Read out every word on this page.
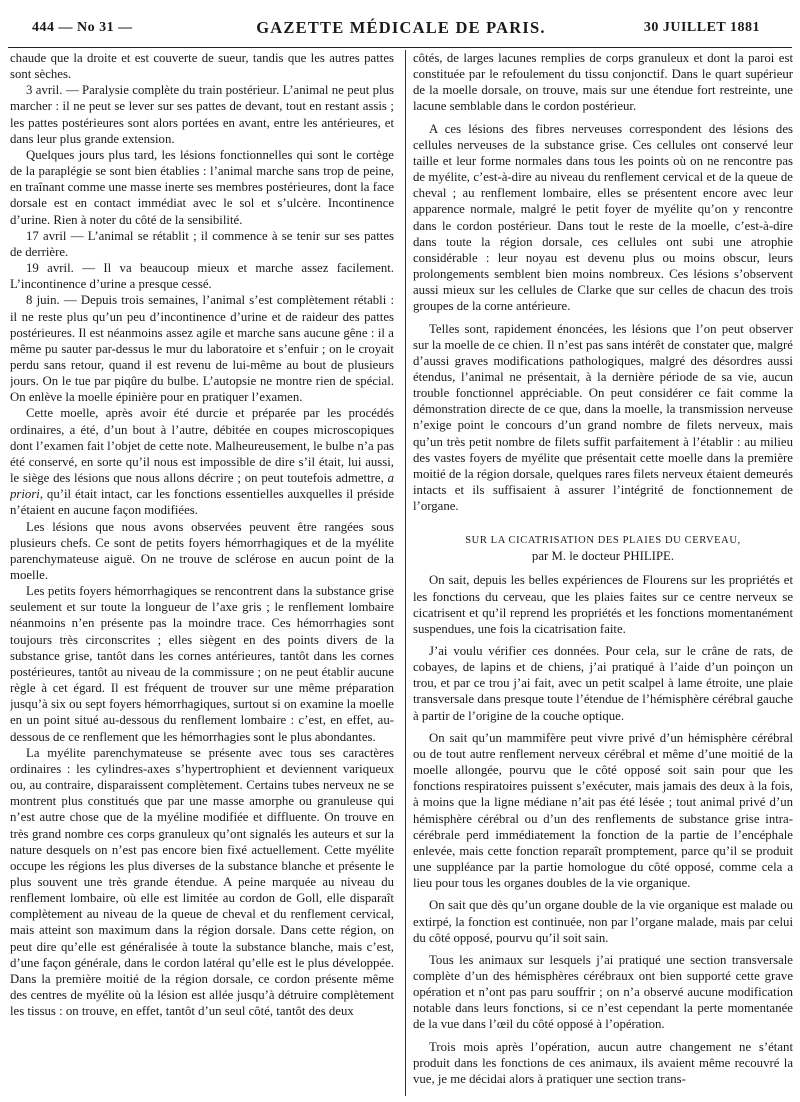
444 — No 31 —	GAZETTE MÉDICALE DE PARIS.	30 JUILLET 1881

chaude que la droite et est couverte de sueur, tandis que les autres pattes sont sèches.

3 avril. — Paralysie complète du train postérieur. L’animal ne peut plus marcher : il ne peut se lever sur ses pattes de devant, tout en restant assis ; les pattes postérieures sont alors portées en avant, entre les antérieures, et dans leur plus grande extension.

Quelques jours plus tard, les lésions fonctionnelles qui sont le cortège de la paraplégie se sont bien établies : l’animal marche sans trop de peine, en traînant comme une masse inerte ses membres postérieures, dont la face dorsale est en contact immédiat avec le sol et s’ulcère. Incontinence d’urine. Rien à noter du côté de la sensibilité.

17 avril — L’animal se rétablit ; il commence à se tenir sur ses pattes de derrière.

19 avril. — Il va beaucoup mieux et marche assez facilement. L’incontinence d’urine a presque cessé.

8 juin. — Depuis trois semaines, l’animal s’est complètement rétabli : il ne reste plus qu’un peu d’incontinence d’urine et de raideur des pattes postérieures. Il est néanmoins assez agile et marche sans aucune gêne : il a même pu sauter par-dessus le mur du laboratoire et s’enfuir ; on le croyait perdu sans retour, quand il est revenu de lui-même au bout de plusieurs jours. On le tue par piqûre du bulbe. L’autopsie ne montre rien de spécial. On enlève la moelle épinière pour en pratiquer l’examen.

Cette moelle, après avoir été durcie et préparée par les procédés ordinaires, a été, d’un bout à l’autre, débitée en coupes microscopiques dont l’examen fait l’objet de cette note. Malheureusement, le bulbe n’a pas été conservé, en sorte qu’il nous est impossible de dire s’il était, lui aussi, le siège des lésions que nous allons décrire ; on peut toutefois admettre, a priori, qu’il était intact, car les fonctions essentielles auxquelles il préside n’étaient en aucune façon modifiées.

Les lésions que nous avons observées peuvent être rangées sous plusieurs chefs. Ce sont de petits foyers hémorrhagiques et de la myélite parenchymateuse aiguë. On ne trouve de sclérose en aucun point de la moelle.

Les petits foyers hémorrhagiques se rencontrent dans la substance grise seulement et sur toute la longueur de l’axe gris ; le renflement lombaire néanmoins n’en présente pas la moindre trace. Ces hémorrhagies sont toujours très circonscrites ; elles siègent en des points divers de la substance grise, tantôt dans les cornes antérieures, tantôt dans les cornes postérieures, tantôt au niveau de la commissure ; on ne peut établir aucune règle à cet égard. Il est fréquent de trouver sur une même préparation jusqu’à six ou sept foyers hémorrhagiques, surtout si on examine la moelle en un point situé au-dessous du renflement lombaire : c’est, en effet, au-dessous de ce renflement que les hémorrhagies sont le plus abondantes.

La myélite parenchymateuse se présente avec tous ses caractères ordinaires : les cylindres-axes s’hypertrophient et deviennent variqueux ou, au contraire, disparaissent complètement. Certains tubes nerveux ne se montrent plus constitués que par une masse amorphe ou granuleuse qui n’est autre chose que de la myéline modifiée et diffluente. On trouve en très grand nombre ces corps granuleux qu’ont signalés les auteurs et sur la nature desquels on n’est pas encore bien fixé actuellement. Cette myélite occupe les régions les plus diverses de la substance blanche et présente le plus souvent une très grande étendue. A peine marquée au niveau du renflement lombaire, où elle est limitée au cordon de Goll, elle disparaît complètement au niveau de la queue de cheval et du renflement cervical, mais atteint son maximum dans la région dorsale. Dans cette région, on peut dire qu’elle est généralisée à toute la substance blanche, mais c’est, d’une façon générale, dans le cordon latéral qu’elle est le plus développée. Dans la première moitié de la région dorsale, ce cordon présente même des centres de myélite où la lésion est allée jusqu’à détruire complètement les tissus : on trouve, en effet, tantôt d’un seul côté, tantôt des deux

côtés, de larges lacunes remplies de corps granuleux et dont la paroi est constituée par le refoulement du tissu conjonctif. Dans le quart supérieur de la moelle dorsale, on trouve, mais sur une étendue fort restreinte, une lacune semblable dans le cordon postérieur.

A ces lésions des fibres nerveuses correspondent des lésions des cellules nerveuses de la substance grise. Ces cellules ont conservé leur taille et leur forme normales dans tous les points où on ne rencontre pas de myélite, c’est-à-dire au niveau du renflement cervical et de la queue de cheval ; au renflement lombaire, elles se présentent encore avec leur apparence normale, malgré le petit foyer de myélite qu’on y rencontre dans le cordon postérieur. Dans tout le reste de la moelle, c’est-à-dire dans toute la région dorsale, ces cellules ont subi une atrophie considérable : leur noyau est devenu plus ou moins obscur, leurs prolongements semblent bien moins nombreux. Ces lésions s’observent aussi mieux sur les cellules de Clarke que sur celles de chacun des trois groupes de la corne antérieure.

Telles sont, rapidement énoncées, les lésions que l’on peut observer sur la moelle de ce chien. Il n’est pas sans intérêt de constater que, malgré d’aussi graves modifications pathologiques, malgré des désordres aussi étendus, l’animal ne présentait, à la dernière période de sa vie, aucun trouble fonctionnel appréciable. On peut considérer ce fait comme la démonstration directe de ce que, dans la moelle, la transmission nerveuse n’exige point le concours d’un grand nombre de filets nerveux, mais qu’un très petit nombre de filets suffit parfaitement à l’établir : au milieu des vastes foyers de myélite que présentait cette moelle dans la première moitié de la région dorsale, quelques rares filets nerveux étaient demeurés intacts et ils suffisaient à assurer l’intégrité de fonctionnement de l’organe.

SUR LA CICATRISATION DES PLAIES DU CERVEAU,
par M. le docteur PHILIPE.

On sait, depuis les belles expériences de Flourens sur les propriétés et les fonctions du cerveau, que les plaies faites sur ce centre nerveux se cicatrisent et qu’il reprend les propriétés et les fonctions momentanément suspendues, une fois la cicatrisation faite.

J’ai voulu vérifier ces données. Pour cela, sur le crâne de rats, de cobayes, de lapins et de chiens, j’ai pratiqué à l’aide d’un poinçon un trou, et par ce trou j’ai fait, avec un petit scalpel à lame étroite, une plaie transversale dans presque toute l’étendue de l’hémisphère cérébral gauche à partir de l’origine de la couche optique.

On sait qu’un mammifère peut vivre privé d’un hémisphère cérébral ou de tout autre renflement nerveux cérébral et même d’une moitié de la moelle allongée, pourvu que le côté opposé soit sain pour que les fonctions respiratoires puissent s’exécuter, mais jamais des deux à la fois, à moins que la ligne médiane n’ait pas été lésée ; tout animal privé d’un hémisphère cérébral ou d’un des renflements de substance grise intra-cérébrale perd immédiatement la fonction de la partie de l’encéphale enlevée, mais cette fonction reparaît promptement, parce qu’il se produit une suppléance par la partie homologue du côté opposé, comme cela a lieu pour tous les organes doubles de la vie organique.

On sait que dès qu’un organe double de la vie organique est malade ou extirpé, la fonction est continuée, non par l’organe malade, mais par celui du côté opposé, pourvu qu’il soit sain.

Tous les animaux sur lesquels j’ai pratiqué une section transversale complète d’un des hémisphères cérébraux ont bien supporté cette grave opération et n’ont pas paru souffrir ; on n’a observé aucune modification notable dans leurs fonctions, si ce n’est cependant la perte momentanée de la vue dans l’œil du côté opposé à l’opération.

Trois mois après l’opération, aucun autre changement ne s’étant produit dans les fonctions de ces animaux, ils avaient même recouvré la vue, je me décidai alors à pratiquer une section trans-
